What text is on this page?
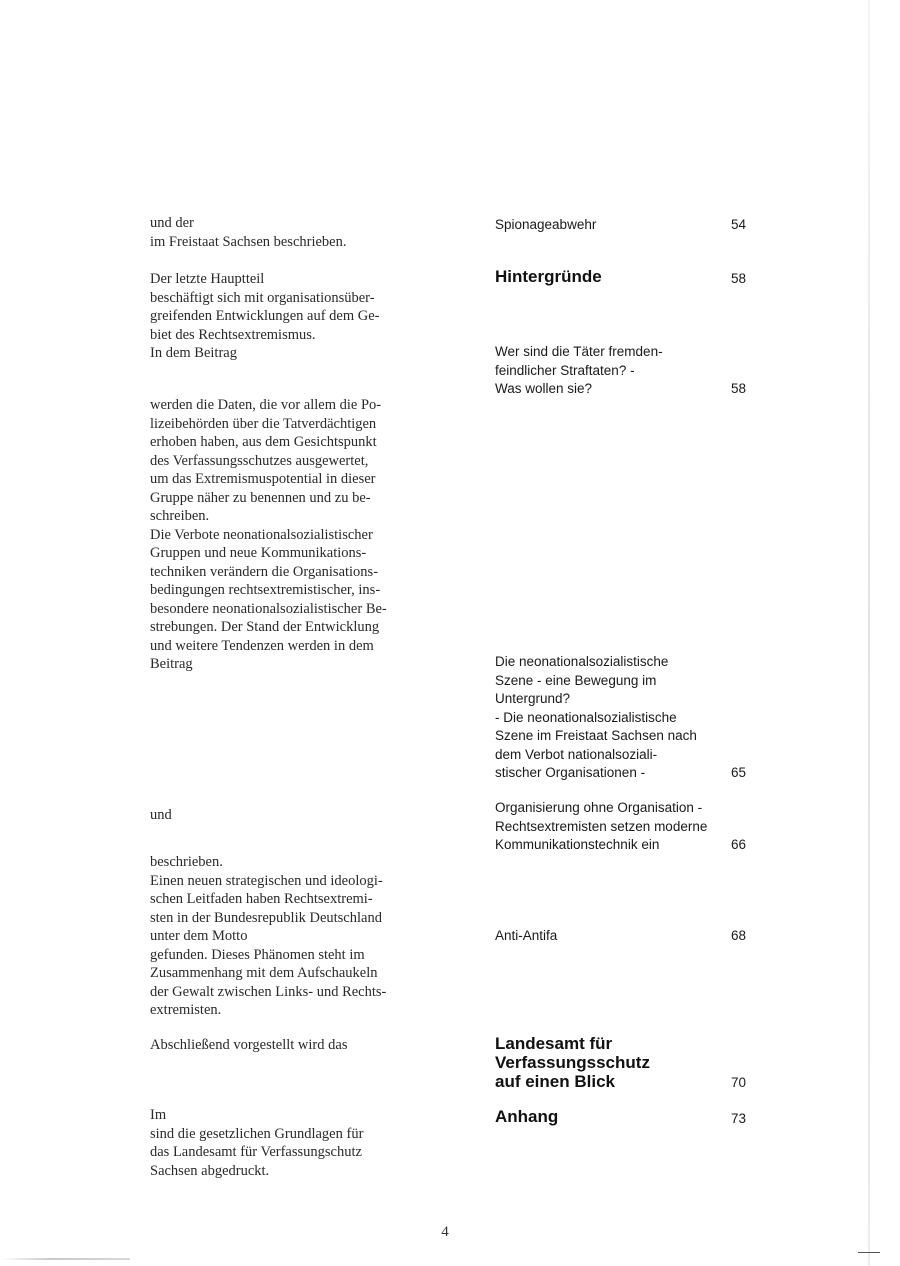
und der
im Freistaat Sachsen beschrieben.
Der letzte Hauptteil
beschäftigt sich mit organisationsüber-
greifenden Entwicklungen auf dem Ge-
biet des Rechtsextremismus.
In dem Beitrag
werden die Daten, die vor allem die Po-
lizeibehörden über die Tatverdächtigen
erhoben haben, aus dem Gesichtspunkt
des Verfassungsschutzes ausgewertet,
um das Extremismuspotential in dieser
Gruppe näher zu benennen und zu be-
schreiben.
Die Verbote neonationalsozialistischer
Gruppen und neue Kommunikations-
techniken verändern die Organisations-
bedingungen rechtsextremistischer, ins-
besondere neonationalsozialistischer Be-
strebungen. Der Stand der Entwicklung
und weitere Tendenzen werden in dem
Beitrag
und
beschrieben.
Einen neuen strategischen und ideologi-
schen Leitfaden haben Rechtsextremi-
sten in der Bundesrepublik Deutschland
unter dem Motto
gefunden. Dieses Phänomen steht im
Zusammenhang mit dem Aufschaukeln
der Gewalt zwischen Links- und Rechts-
extremisten.
Abschließend vorgestellt wird das
Im
sind die gesetzlichen Grundlagen für
das Landesamt für Verfassungschutz
Sachsen abgedruckt.
Spionageabwehr	54
Hintergründe	58
Wer sind die Täter fremden-
feindlicher Straftaten? -
Was wollen sie?	58
Die neonationalsozialistische
Szene - eine Bewegung im
Untergrund?
- Die neonationalsozialistische
Szene im Freistaat Sachsen nach
dem Verbot nationalsoziali-
stischer Organisationen -	65
Organisierung ohne Organisation -
Rechtsextremisten setzen moderne
Kommunikationstechnik ein	66
Anti-Antifa	68
Landesamt für
Verfassungsschutz
auf einen Blick	70
Anhang	73
4
